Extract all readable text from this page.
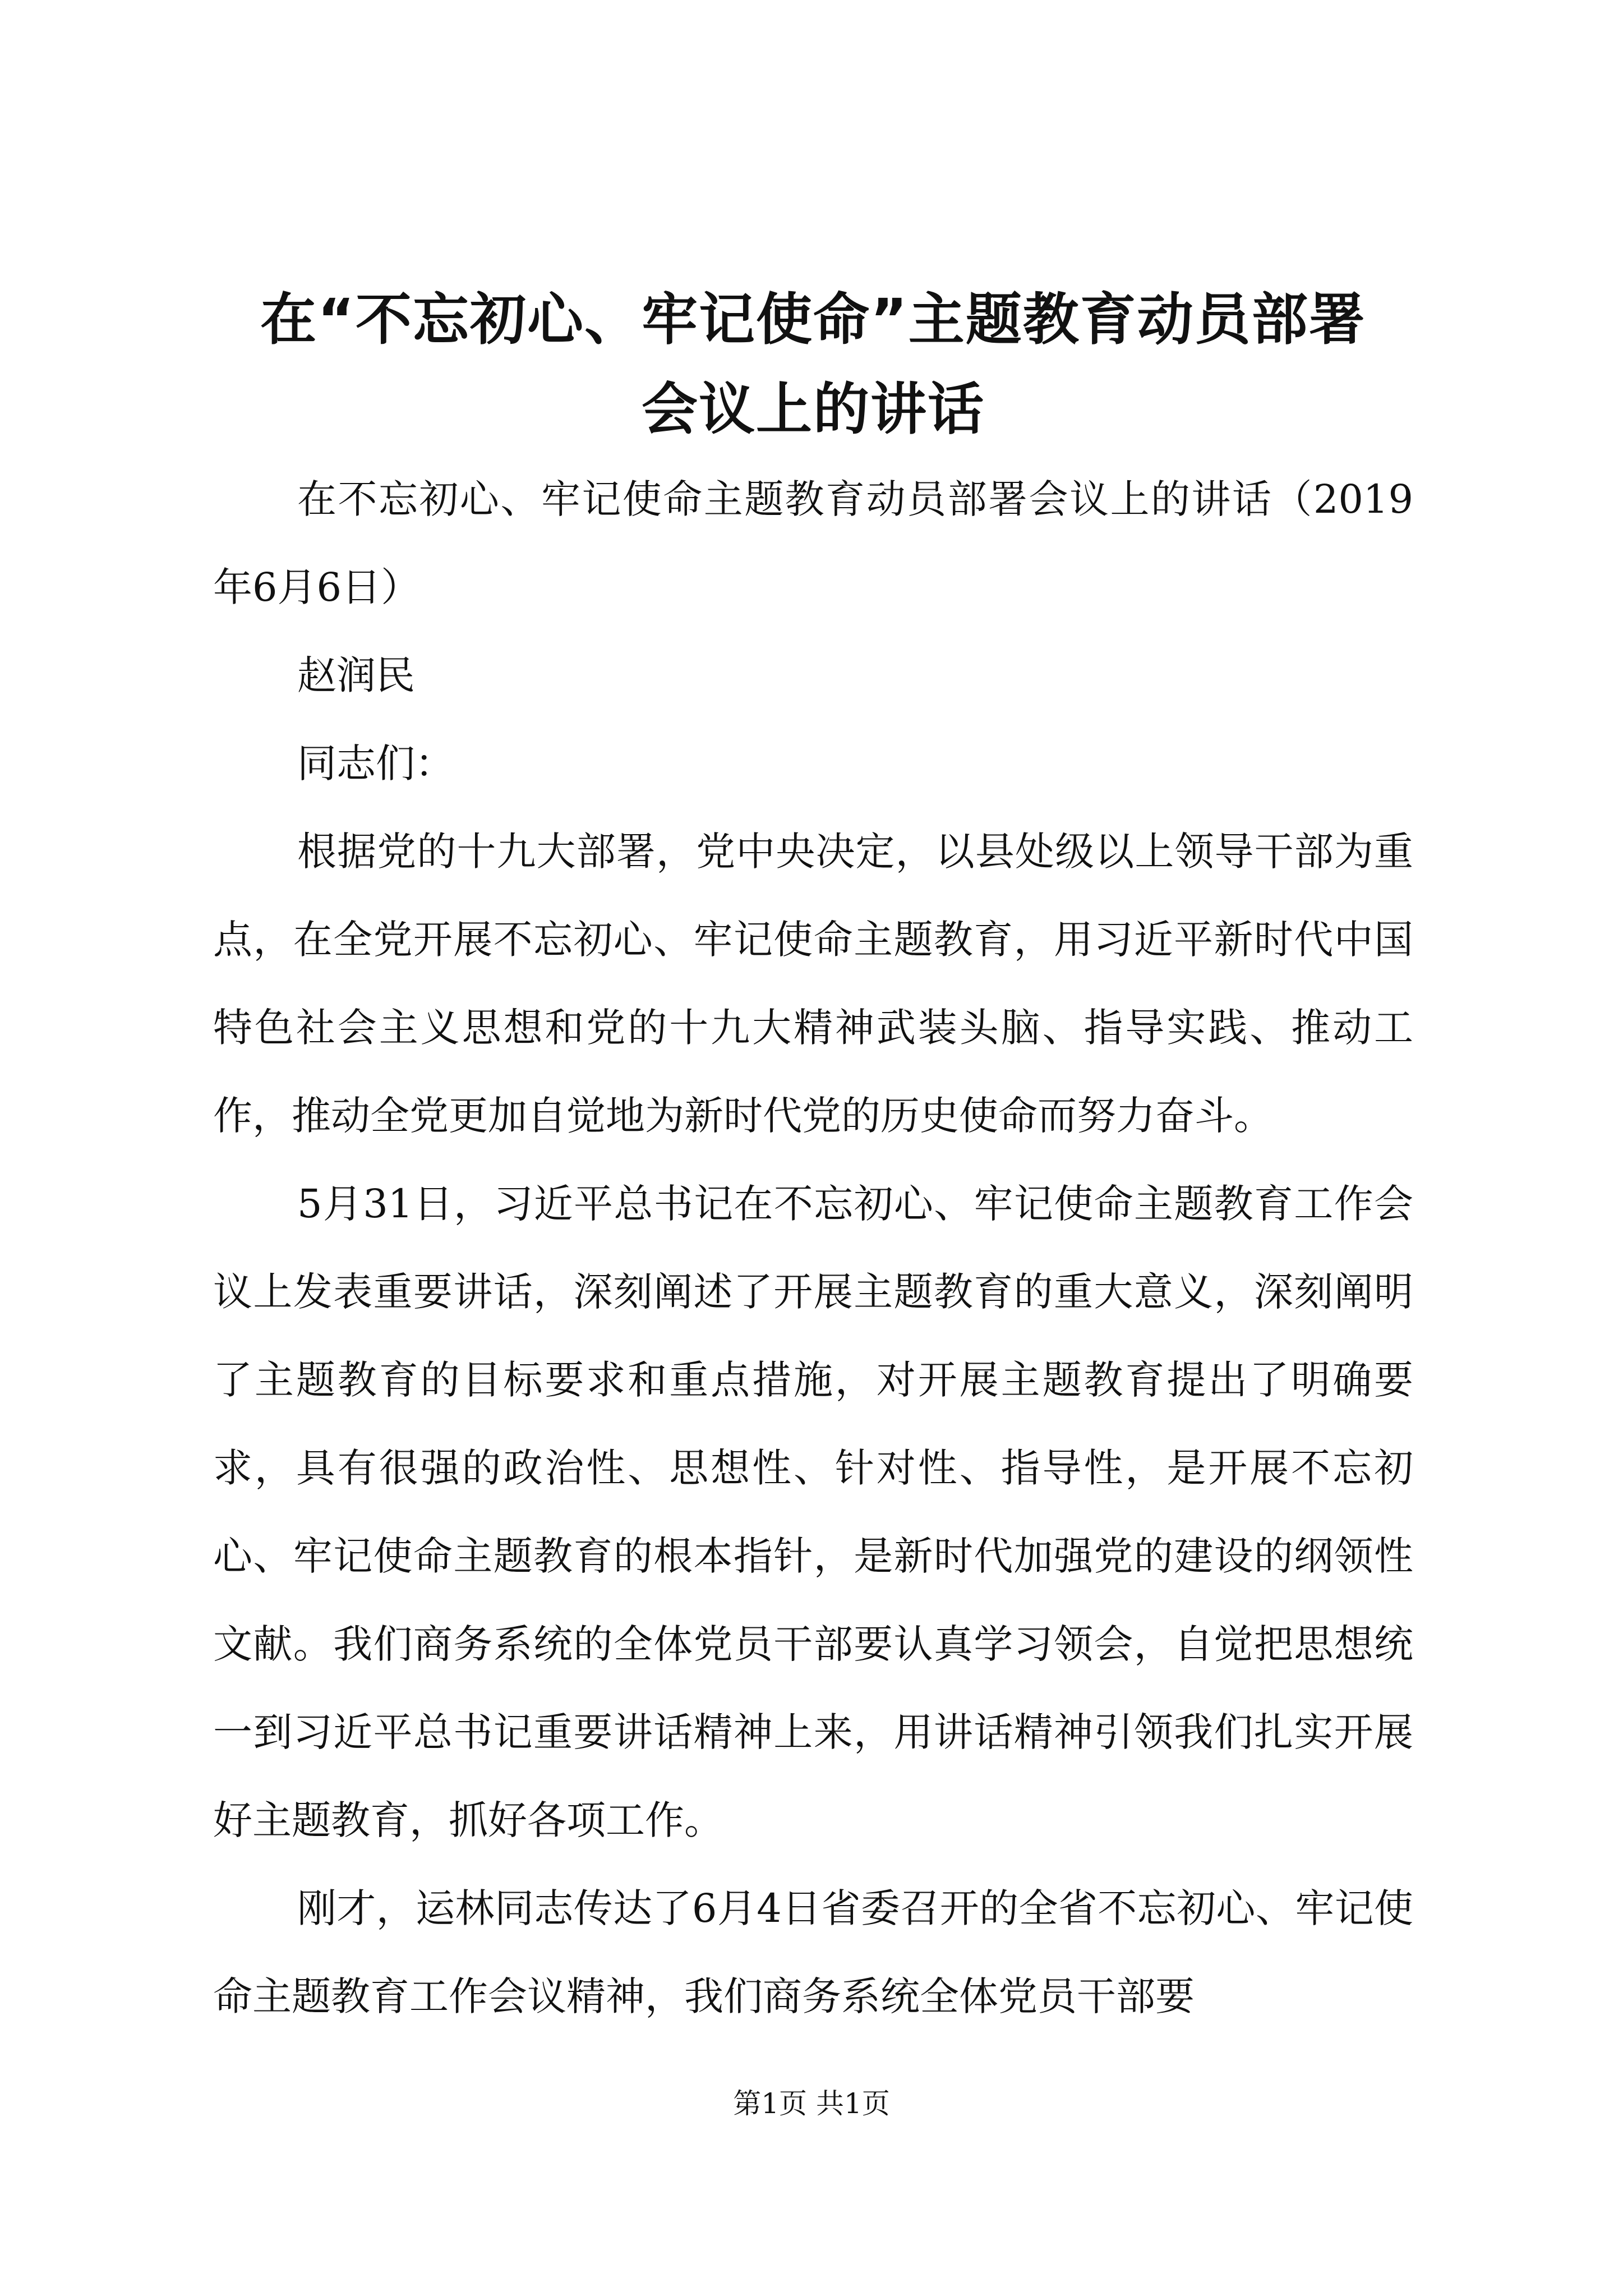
在“不忘初心、牢记使命”主题教育动员部署
会议上的讲话

在不忘初心、牢记使命主题教育动员部署会议上的讲话（2019年6月6日）

赵润民

同志们：

根据党的十九大部署，党中央决定，以县处级以上领导干部为重点，在全党开展不忘初心、牢记使命主题教育，用习近平新时代中国特色社会主义思想和党的十九大精神武装头脑、指导实践、推动工作，推动全党更加自觉地为新时代党的历史使命而努力奋斗。

5月31日，习近平总书记在不忘初心、牢记使命主题教育工作会议上发表重要讲话，深刻阐述了开展主题教育的重大意义，深刻阐明了主题教育的目标要求和重点措施，对开展主题教育提出了明确要求，具有很强的政治性、思想性、针对性、指导性，是开展不忘初心、牢记使命主题教育的根本指针，是新时代加强党的建设的纲领性文献。我们商务系统的全体党员干部要认真学习领会，自觉把思想统一到习近平总书记重要讲话精神上来，用讲话精神引领我们扎实开展好主题教育，抓好各项工作。

刚才，运林同志传达了6月4日省委召开的全省不忘初心、牢记使命主题教育工作会议精神，我们商务系统全体党员干部要

第1页 共1页
